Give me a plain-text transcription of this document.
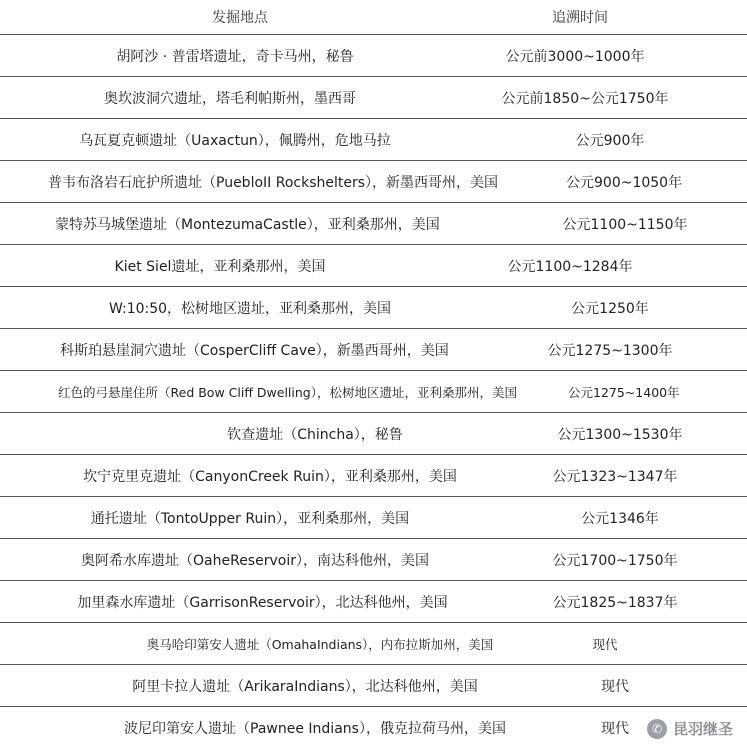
发掘地点	追溯时间
胡阿沙 · 普雷塔遗址，奇卡马州，秘鲁	公元前3000~1000年
奥坎波洞穴遗址，塔毛利帕斯州，墨西哥	公元前1850~公元1750年
乌瓦夏克顿遗址（Uaxactun），佩腾州，危地马拉	公元900年
普韦布洛岩石庇护所遗址（PuebloII Rockshelters），新墨西哥州，美国	公元900~1050年
蒙特苏马城堡遗址（MontezumaCastle），亚利桑那州，美国	公元1100~1150年
Kiet Siel遗址，亚利桑那州，美国	公元1100~1284年
W:10:50，松树地区遗址，亚利桑那州，美国	公元1250年
科斯珀悬崖洞穴遗址（CosperCliff Cave），新墨西哥州，美国	公元1275~1300年
红色的弓悬崖住所（Red Bow Cliff Dwelling），松树地区遗址，亚利桑那州，美国	公元1275~1400年
钦查遗址（Chincha），秘鲁	公元1300~1530年
坎宁克里克遗址（CanyonCreek Ruin），亚利桑那州，美国	公元1323~1347年
通托遗址（TontoUpper Ruin），亚利桑那州，美国	公元1346年
奥阿希水库遗址（OaheReservoir），南达科他州，美国	公元1700~1750年
加里森水库遗址（GarrisonReservoir），北达科他州，美国	公元1825~1837年
奥马哈印第安人遗址（OmahaIndians），内布拉斯加州，美国	现代
阿里卡拉人遗址（ArikaraIndians），北达科他州，美国	现代
波尼印第安人遗址（Pawnee Indians），俄克拉荷马州，美国	现代	✆ 昆羽继圣
